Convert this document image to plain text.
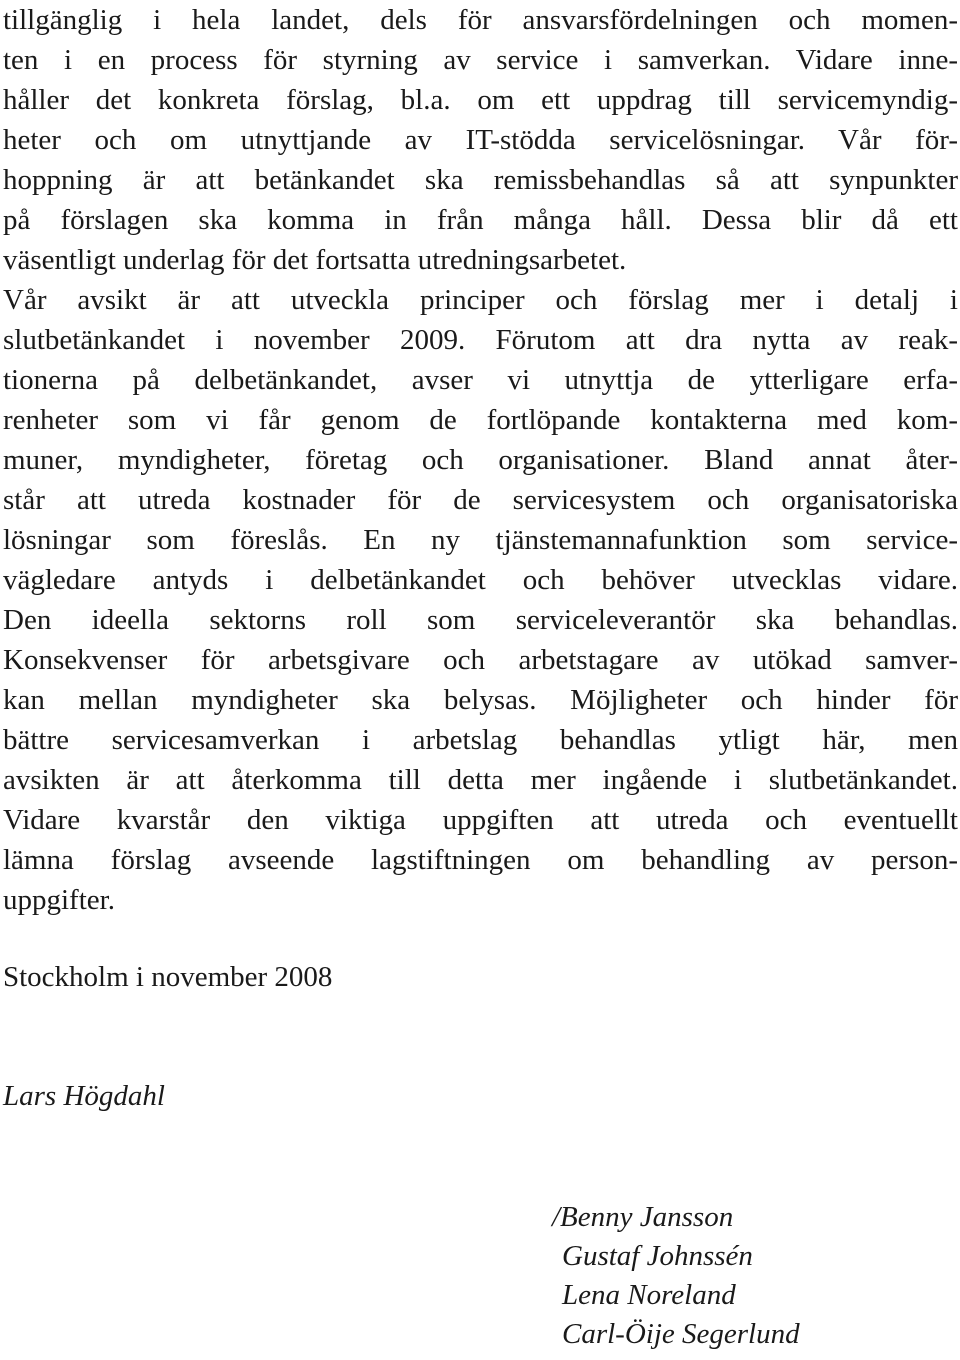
tillgänglig i hela landet, dels för ansvarsfördelningen och momen-
ten i en process för styrning av service i samverkan. Vidare inne-
håller det konkreta förslag, bl.a. om ett uppdrag till servicemyndig-
heter och om utnyttjande av IT-stödda servicelösningar. Vår för-
hoppning är att betänkandet ska remissbehandlas så att synpunkter
på förslagen ska komma in från många håll. Dessa blir då ett
väsentligt underlag för det fortsatta utredningsarbetet.
Vår avsikt är att utveckla principer och förslag mer i detalj i
slutbetänkandet i november 2009. Förutom att dra nytta av reak-
tionerna på delbetänkandet, avser vi utnyttja de ytterligare erfa-
renheter som vi får genom de fortlöpande kontakterna med kom-
muner, myndigheter, företag och organisationer. Bland annat åter-
står att utreda kostnader för de servicesystem och organisatoriska
lösningar som föreslås. En ny tjänstemannafunktion som service-
vägledare antyds i delbetänkandet och behöver utvecklas vidare.
Den ideella sektorns roll som serviceleverantör ska behandlas.
Konsekvenser för arbetsgivare och arbetstagare av utökad samver-
kan mellan myndigheter ska belysas. Möjligheter och hinder för
bättre servicesamverkan i arbetslag behandlas ytligt här, men
avsikten är att återkomma till detta mer ingående i slutbetänkandet.
Vidare kvarstår den viktiga uppgiften att utreda och eventuellt
lämna förslag avseende lagstiftningen om behandling av person-
uppgifter.
Stockholm i november 2008
Lars Högdahl
/Benny Jansson
Gustaf Johnssén
Lena Noreland
Carl-Öije Segerlund
